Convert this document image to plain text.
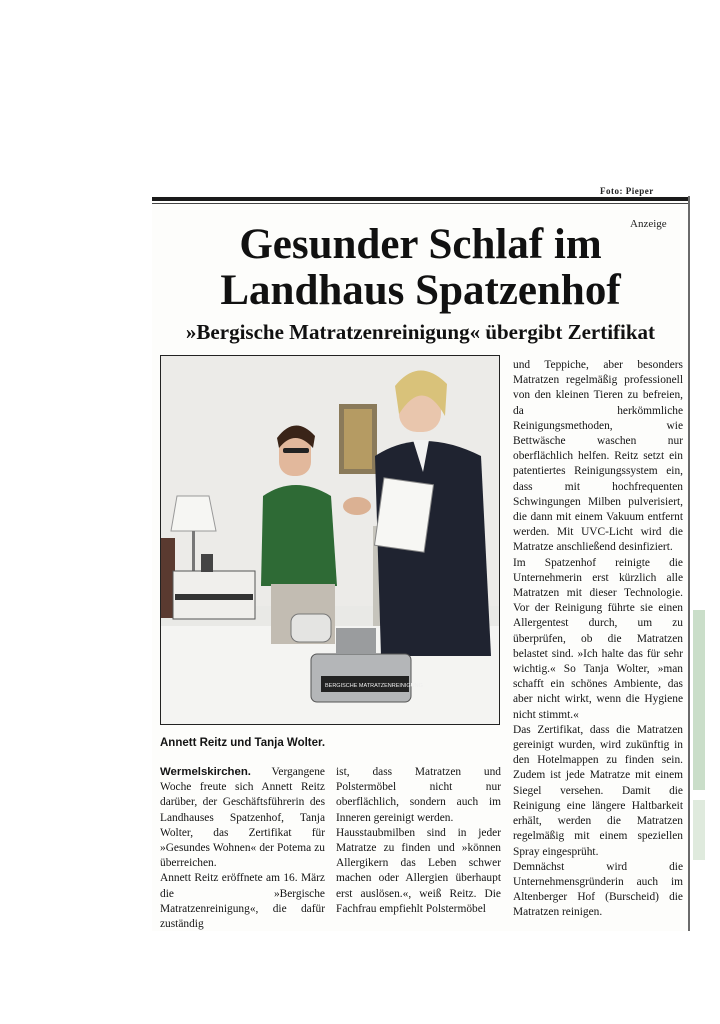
Foto: Pieper
Anzeige
Gesunder Schlaf im
Landhaus Spatzenhof
»Bergische Matratzenreinigung« übergibt Zertifikat
BERGISCHE MATRATZENREINIGUNG
Annett Reitz und Tanja Wolter.

Wermelskirchen. Vergangene Woche freute sich Annett Reitz darüber, der Geschäftsführerin des Landhauses Spatzenhof, Tanja Wolter, das Zertifikat für »Gesundes Wohnen« der Potema zu überreichen.

Annett Reitz eröffnete am 16. März die »Bergische Matratzenreinigung«, die dafür zuständig

ist, dass Matratzen und Polstermöbel nicht nur oberflächlich, sondern auch im Inneren gereinigt werden.

Hausstaubmilben sind in jeder Matratze zu finden und »können Allergikern das Leben schwer machen oder Allergien überhaupt erst auslösen.«, weiß Reitz. Die Fachfrau empfiehlt Polstermöbel

und Teppiche, aber besonders Matratzen regelmäßig professionell von den kleinen Tieren zu befreien, da herkömmliche Reinigungsmethoden, wie Bettwäsche waschen nur oberflächlich helfen. Reitz setzt ein patentiertes Reinigungssystem ein, dass mit hochfrequenten Schwingungen Milben pulverisiert, die dann mit einem Vakuum entfernt werden. Mit UVC-Licht wird die Matratze anschließend desinfiziert.

Im Spatzenhof reinigte die Unternehmerin erst kürzlich alle Matratzen mit dieser Technologie. Vor der Reinigung führte sie einen Allergentest durch, um zu überprüfen, ob die Matratzen belastet sind. »Ich halte das für sehr wichtig.« So Tanja Wolter, »man schafft ein schönes Ambiente, das aber nicht wirkt, wenn die Hygiene nicht stimmt.«

Das Zertifikat, dass die Matratzen gereinigt wurden, wird zukünftig in den Hotelmappen zu finden sein. Zudem ist jede Matratze mit einem Siegel versehen. Damit die Reinigung eine längere Haltbarkeit erhält, werden die Matratzen regelmäßig mit einem speziellen Spray eingesprüht.

Demnächst wird die Unternehmensgründerin auch im Altenberger Hof (Burscheid) die Matratzen reinigen.
